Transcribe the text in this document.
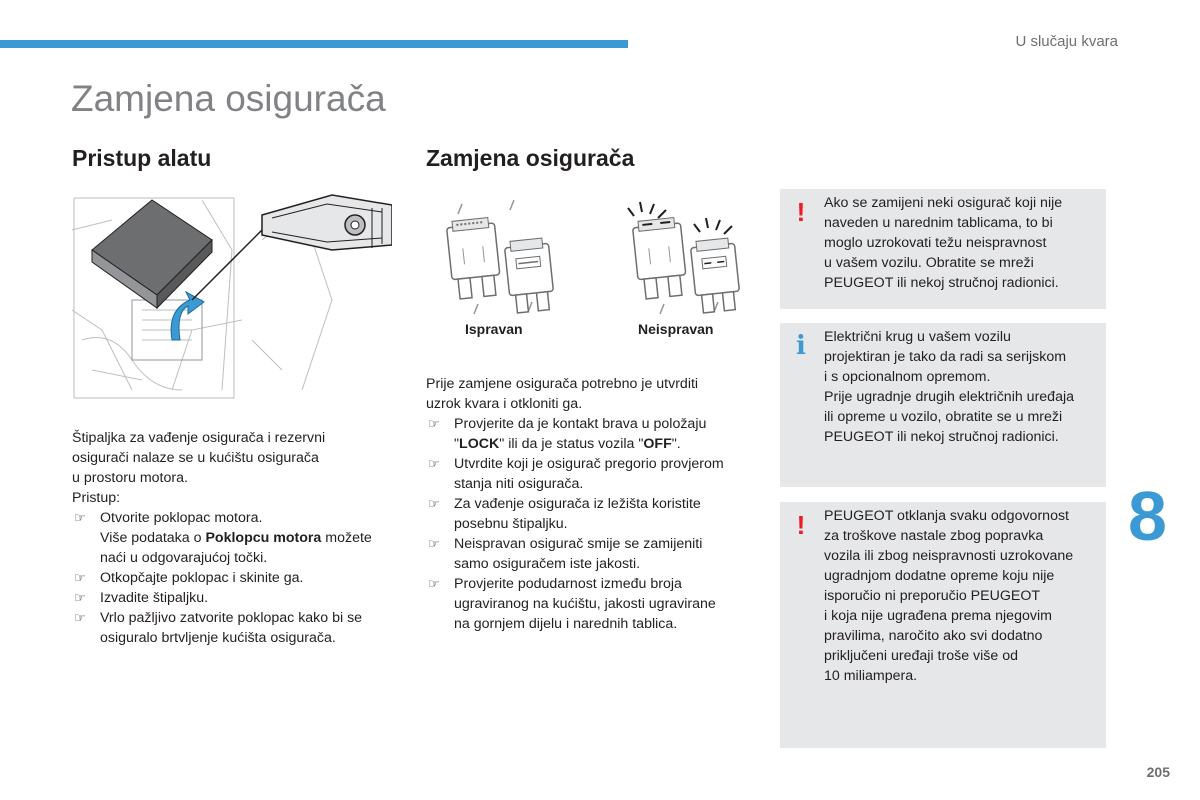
U slučaju kvara
Zamjena osigurača
Pristup alatu

Štipaljka za vađenje osigurača i rezervni

osigurači nalaze se u kućištu osigurača

u prostoru motora.

Pristup:

☞ Otvorite poklopac motora.
Više podataka o Poklopcu motora možete
naći u odgovarajućoj točki.
☞ Otkopčajte poklopac i skinite ga.
☞ Izvadite štipaljku.
☞ Vrlo pažljivo zatvorite poklopac kako bi se
osiguralo brtvljenje kućišta osigurača.
Zamjena osigurača
Ispravan	Neispravan

Prije zamjene osigurača potrebno je utvrditi

uzrok kvara i otkloniti ga.

☞ Provjerite da je kontakt brava u položaju
"LOCK" ili da je status vozila "OFF".
☞ Utvrdite koji je osigurač pregorio provjerom
stanja niti osigurača.
☞ Za vađenje osigurača iz ležišta koristite
posebnu štipaljku.
☞ Neispravan osigurač smije se zamijeniti
samo osiguračem iste jakosti.
☞ Provjerite podudarnost između broja
ugraviranog na kućištu, jakosti ugravirane
na gornjem dijelu i narednih tablica.
! Ako se zamijeni neki osigurač koji nije

naveden u narednim tablicama, to bi

moglo uzrokovati težu neispravnost

u vašem vozilu. Obratite se mreži

PEUGEOT ili nekoj stručnoj radionici.

i Električni krug u vašem vozilu

projektiran je tako da radi sa serijskom

i s opcionalnom opremom.

Prije ugradnje drugih električnih uređaja

ili opreme u vozilo, obratite se u mreži

PEUGEOT ili nekoj stručnoj radionici.

! PEUGEOT otklanja svaku odgovornost

za troškove nastale zbog popravka

vozila ili zbog neispravnosti uzrokovane

ugradnjom dodatne opreme koju nije

isporučio ni preporučio PEUGEOT

i koja nije ugrađena prema njegovim

pravilima, naročito ako svi dodatno

priključeni uređaji troše više od

10 miliampera.

8
205
